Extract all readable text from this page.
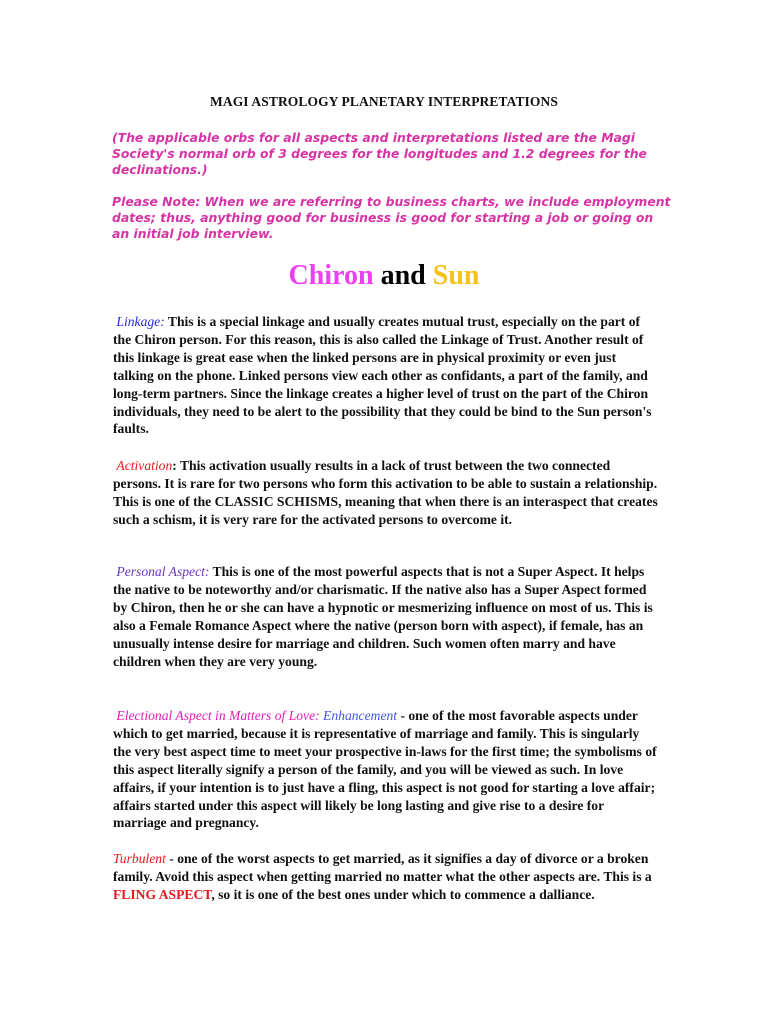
MAGI ASTROLOGY PLANETARY INTERPRETATIONS

(The applicable orbs for all aspects and interpretations listed are the Magi Society's normal orb of 3 degrees for the longitudes and 1.2 degrees for the declinations.)

Please Note: When we are referring to business charts, we include employment dates; thus, anything good for business is good for starting a job or going on an initial job interview.

Chiron and Sun

Linkage: This is a special linkage and usually creates mutual trust, especially on the part of the Chiron person. For this reason, this is also called the Linkage of Trust. Another result of this linkage is great ease when the linked persons are in physical proximity or even just talking on the phone. Linked persons view each other as confidants, a part of the family, and long-term partners. Since the linkage creates a higher level of trust on the part of the Chiron individuals, they need to be alert to the possibility that they could be bind to the Sun person's faults.

Activation: This activation usually results in a lack of trust between the two connected persons. It is rare for two persons who form this activation to be able to sustain a relationship. This is one of the CLASSIC SCHISMS, meaning that when there is an interaspect that creates such a schism, it is very rare for the activated persons to overcome it.

Personal Aspect: This is one of the most powerful aspects that is not a Super Aspect. It helps the native to be noteworthy and/or charismatic. If the native also has a Super Aspect formed by Chiron, then he or she can have a hypnotic or mesmerizing influence on most of us. This is also a Female Romance Aspect where the native (person born with aspect), if female, has an unusually intense desire for marriage and children. Such women often marry and have children when they are very young.

Electional Aspect in Matters of Love: Enhancement - one of the most favorable aspects under which to get married, because it is representative of marriage and family. This is singularly the very best aspect time to meet your prospective in-laws for the first time; the symbolisms of this aspect literally signify a person of the family, and you will be viewed as such. In love affairs, if your intention is to just have a fling, this aspect is not good for starting a love affair; affairs started under this aspect will likely be long lasting and give rise to a desire for marriage and pregnancy.

Turbulent - one of the worst aspects to get married, as it signifies a day of divorce or a broken family. Avoid this aspect when getting married no matter what the other aspects are. This is a FLING ASPECT, so it is one of the best ones under which to commence a dalliance.
